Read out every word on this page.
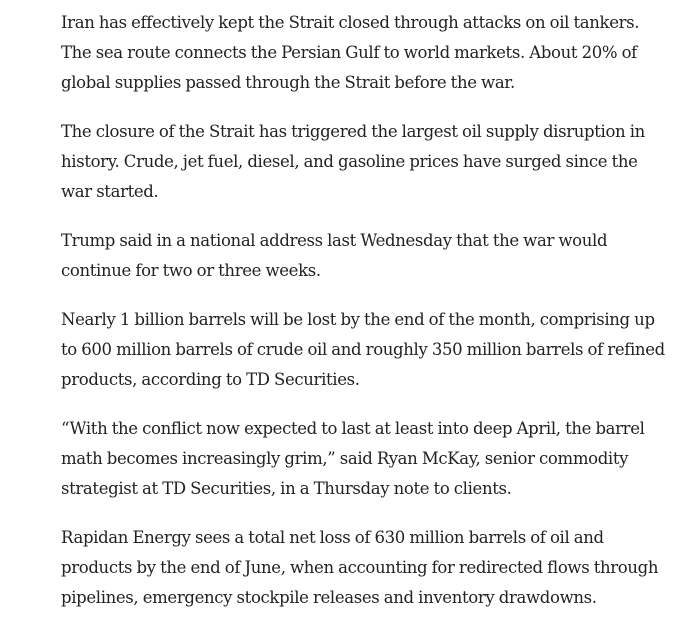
Iran has effectively kept the Strait closed through attacks on oil tankers. The sea route connects the Persian Gulf to world markets. About 20% of global supplies passed through the Strait before the war.

The closure of the Strait has triggered the largest oil supply disruption in history. Crude, jet fuel, diesel, and gasoline prices have surged since the war started.

Trump said in a national address last Wednesday that the war would continue for two or three weeks.

Nearly 1 billion barrels will be lost by the end of the month, comprising up to 600 million barrels of crude oil and roughly 350 million barrels of refined products, according to TD Securities.

“With the conflict now expected to last at least into deep April, the barrel math becomes increasingly grim,” said Ryan McKay, senior commodity strategist at TD Securities, in a Thursday note to clients.

Rapidan Energy sees a total net loss of 630 million barrels of oil and products by the end of June, when accounting for redirected flows through pipelines, emergency stockpile releases and inventory drawdowns.
